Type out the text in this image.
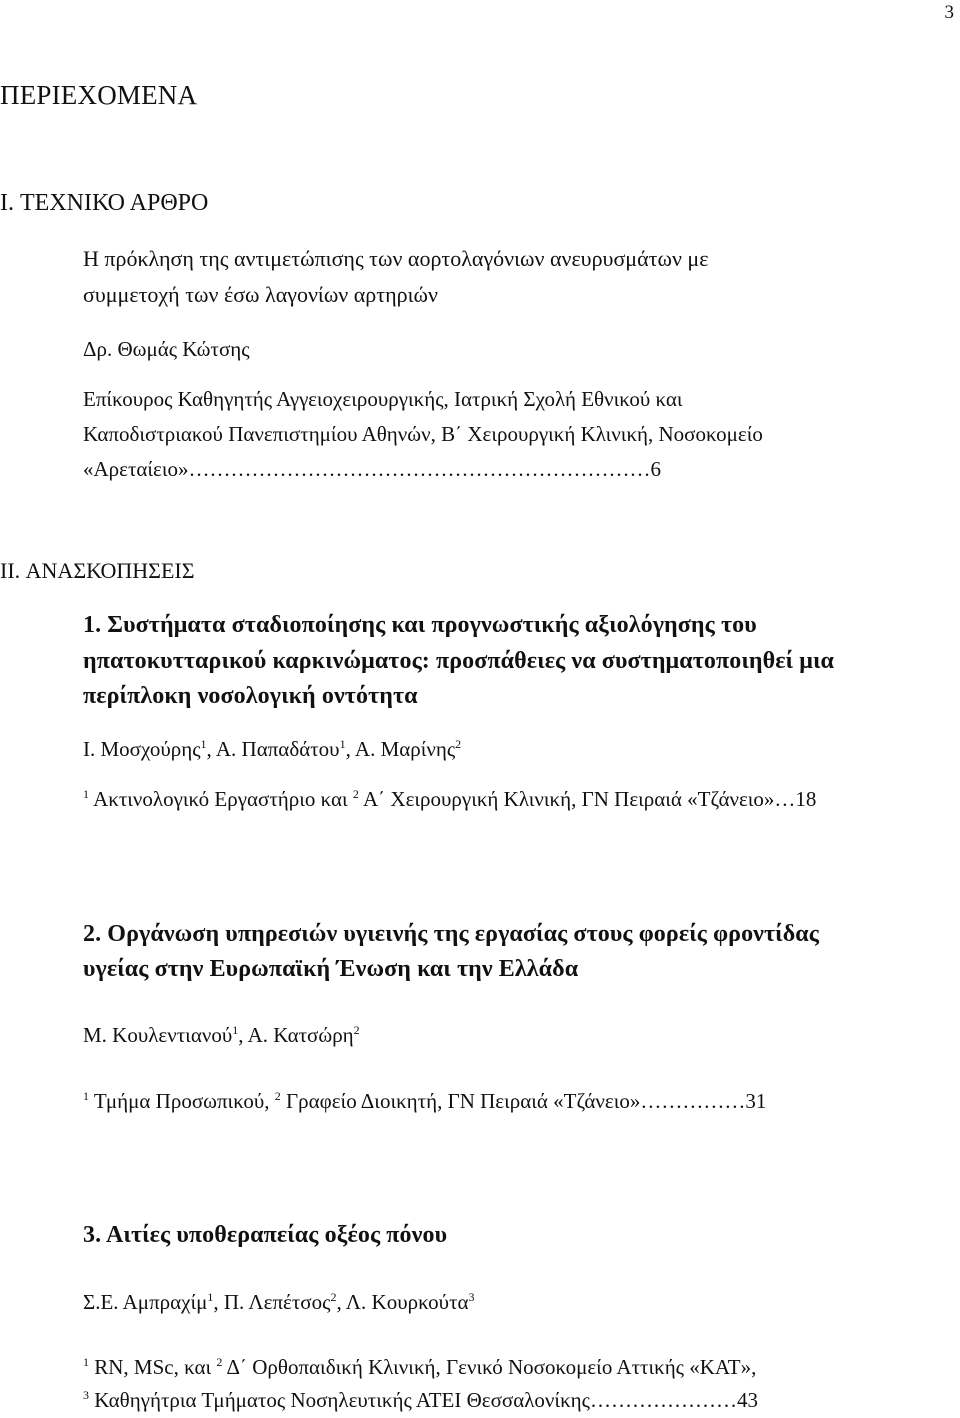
3
ΠΕΡΙΕΧΟΜΕΝΑ
I. ΤΕΧΝΙΚΟ ΑΡΘΡΟ
Η πρόκληση της αντιμετώπισης των αορτολαγόνιων ανευρυσμάτων με
συμμετοχή των έσω λαγονίων αρτηριών
Δρ. Θωμάς Κώτσης
Επίκουρος Καθηγητής Αγγειοχειρουργικής, Ιατρική Σχολή Εθνικού και
Καποδιστριακού Πανεπιστημίου Αθηνών, Β΄ Χειρουργική Κλινική, Νοσοκομείο
«Αρεταίειο»…………………………………………………………6
II. ΑΝΑΣΚΟΠΗΣΕΙΣ
1. Συστήματα σταδιοποίησης και προγνωστικής αξιολόγησης του
ηπατοκυτταρικού καρκινώματος: προσπάθειες να συστηματοποιηθεί μια
περίπλοκη νοσολογική οντότητα
Ι. Μοσχούρης$^1$, Α. Παπαδάτου$^1$, Α. Μαρίνης$^2$
$^1$ Ακτινολογικό Εργαστήριο και $^2$ Α΄ Χειρουργική Κλινική, ΓΝ Πειραιά «Τζάνειο»…18
2. Οργάνωση υπηρεσιών υγιεινής της εργασίας στους φορείς φροντίδας
υγείας στην Ευρωπαϊκή Ένωση και την Ελλάδα
Μ. Κουλεντιανού$^1$, Α. Κατσώρη$^2$
$^1$ Τμήμα Προσωπικού, $^2$ Γραφείο Διοικητή, ΓΝ Πειραιά «Τζάνειο»……………31
3. Αιτίες υποθεραπείας οξέος πόνου
Σ.Ε. Αμπραχίμ$^1$, Π. Λεπέτσος$^2$, Λ. Κουρκούτα$^3$
$^1$ RN, MSc, και $^2$ Δ΄ Ορθοπαιδική Κλινική, Γενικό Νοσοκομείο Αττικής «ΚΑΤ»,
$^3$ Καθηγήτρια Τμήματος Νοσηλευτικής ΑΤΕΙ Θεσσαλονίκης…………………43
